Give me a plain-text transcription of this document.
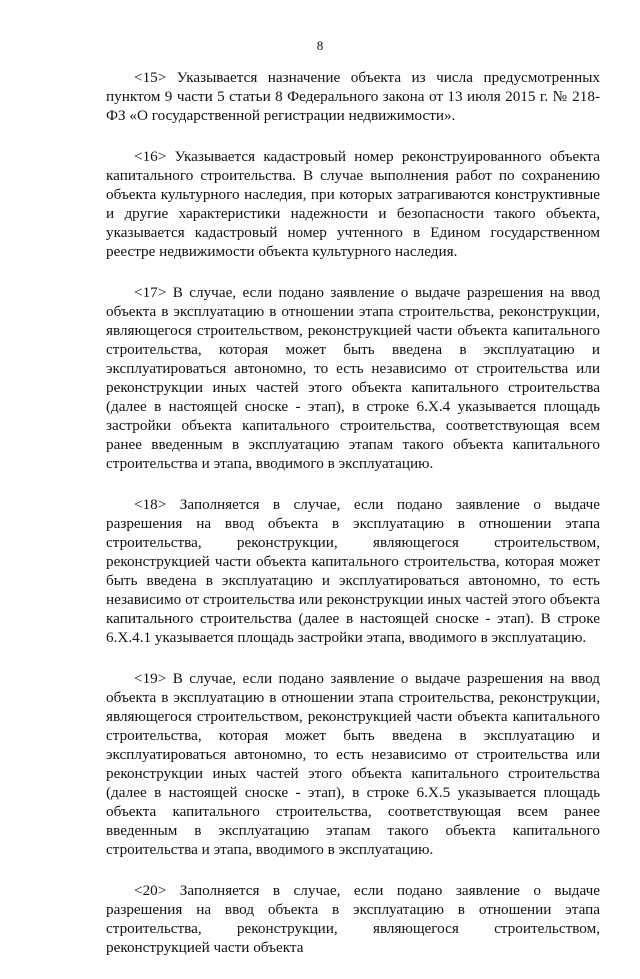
8

<15> Указывается назначение объекта из числа предусмотренных пунктом 9 части 5 статьи 8 Федерального закона от 13 июля 2015 г. № 218-ФЗ «О государственной регистрации недвижимости».

<16> Указывается кадастровый номер реконструированного объекта капитального строительства. В случае выполнения работ по сохранению объекта культурного наследия, при которых затрагиваются конструктивные и другие характеристики надежности и безопасности такого объекта, указывается кадастровый номер учтенного в Едином государственном реестре недвижимости объекта культурного наследия.

<17> В случае, если подано заявление о выдаче разрешения на ввод объекта в эксплуатацию в отношении этапа строительства, реконструкции, являющегося строительством, реконструкцией части объекта капитального строительства, которая может быть введена в эксплуатацию и эксплуатироваться автономно, то есть независимо от строительства или реконструкции иных частей этого объекта капитального строительства (далее в настоящей сноске - этап), в строке 6.Х.4 указывается площадь застройки объекта капитального строительства, соответствующая всем ранее введенным в эксплуатацию этапам такого объекта капитального строительства и этапа, вводимого в эксплуатацию.

<18> Заполняется в случае, если подано заявление о выдаче разрешения на ввод объекта в эксплуатацию в отношении этапа строительства, реконструкции, являющегося строительством, реконструкцией части объекта капитального строительства, которая может быть введена в эксплуатацию и эксплуатироваться автономно, то есть независимо от строительства или реконструкции иных частей этого объекта капитального строительства (далее в настоящей сноске - этап). В строке 6.Х.4.1 указывается площадь застройки этапа, вводимого в эксплуатацию.

<19> В случае, если подано заявление о выдаче разрешения на ввод объекта в эксплуатацию в отношении этапа строительства, реконструкции, являющегося строительством, реконструкцией части объекта капитального строительства, которая может быть введена в эксплуатацию и эксплуатироваться автономно, то есть независимо от строительства или реконструкции иных частей этого объекта капитального строительства (далее в настоящей сноске - этап), в строке 6.Х.5 указывается площадь объекта капитального строительства, соответствующая всем ранее введенным в эксплуатацию этапам такого объекта капитального строительства и этапа, вводимого в эксплуатацию.

<20> Заполняется в случае, если подано заявление о выдаче разрешения на ввод объекта в эксплуатацию в отношении этапа строительства, реконструкции, являющегося строительством, реконструкцией части объекта
